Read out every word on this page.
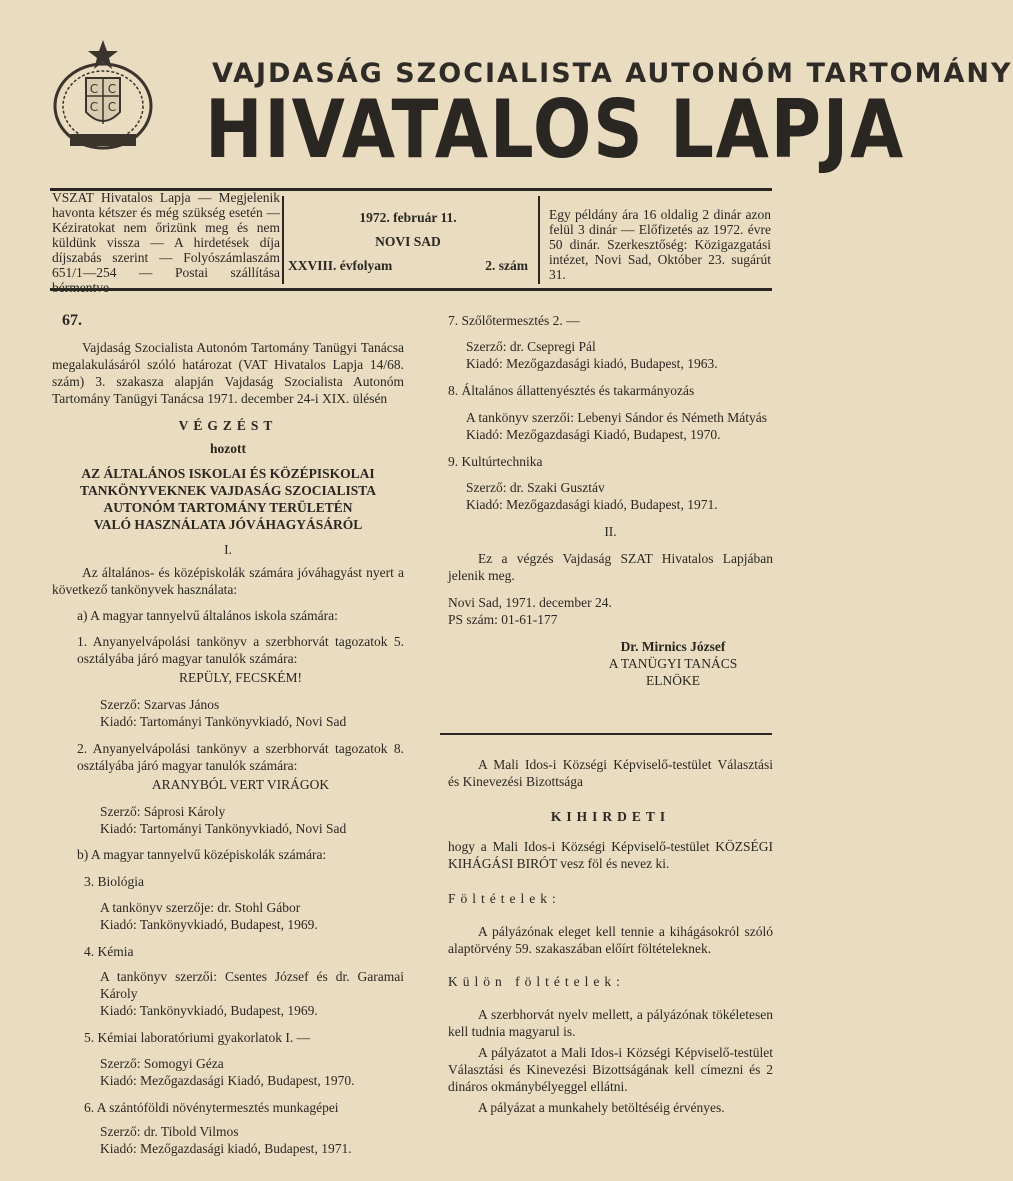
C C
C C
VAJDASÁG SZOCIALISTA AUTONÓM TARTOMÁNY
HIVATALOS LAPJA
VSZAT Hivatalos Lapja — Megjelenik havonta kétszer és még szükség esetén — Kéziratokat nem őrizünk meg és nem küldünk vissza — A hirdetések díja díjszabás szerint — Folyószámlaszám 651/1—254 — Postai szállítása bérmentve
1972. február 11.
NOVI SAD
XXVIII. évfolyam	2. szám
Egy példány ára 16 oldalig 2 dinár azon felül 3 dinár — Előfizetés az 1972. évre 50 dinár. Szerkesztőség: Közigazgatási intézet, Novi Sad, Október 23. sugárút 31.

67.

Vajdaság Szocialista Autonóm Tartomány Tanügyi Tanácsa megalakulásáról szóló határozat (VAT Hivatalos Lapja 14/68. szám) 3. szakasza alapján Vajdaság Szocialista Autonóm Tartomány Tanügyi Tanácsa 1971. december 24-i XIX. ülésén

VÉGZÉST

hozott

AZ ÁLTALÁNOS ISKOLAI ÉS KÖZÉPISKOLAI

TANKÖNYVEKNEK VAJDASÁG SZOCIALISTA

AUTONÓM TARTOMÁNY TERÜLETÉN

VALÓ HASZNÁLATA JÓVÁHAGYÁSÁRÓL

I.

Az általános- és középiskolák számára jóváhagyást nyert a következő tankönyvek használata:

a) A magyar tannyelvű általános iskola számára:

1. Anyanyelvápolási tankönyv a szerbhorvát tagozatok 5. osztályába járó magyar tanulók számára:

REPÜLY, FECSKÉM!

Szerző: Szarvas János

Kiadó: Tartományi Tankönyvkiadó, Novi Sad

2. Anyanyelvápolási tankönyv a szerbhorvát tagozatok 8. osztályába járó magyar tanulók számára:

ARANYBÓL VERT VIRÁGOK

Szerző: Sáprosi Károly

Kiadó: Tartományi Tankönyvkiadó, Novi Sad

b) A magyar tannyelvű középiskolák számára:

3. Biológia

A tankönyv szerzője: dr. Stohl Gábor

Kiadó: Tankönyvkiadó, Budapest, 1969.

4. Kémia

A tankönyv szerzői: Csentes József és dr. Garamai Károly

Kiadó: Tankönyvkiadó, Budapest, 1969.

5. Kémiai laboratóriumi gyakorlatok I. —

Szerző: Somogyi Géza

Kiadó: Mezőgazdasági Kiadó, Budapest, 1970.

6. A szántóföldi növénytermesztés munkagépei

Szerző: dr. Tibold Vilmos

Kiadó: Mezőgazdasági kiadó, Budapest, 1971.

7. Szőlőtermesztés 2. —

Szerző: dr. Csepregi Pál

Kiadó: Mezőgazdasági kiadó, Budapest, 1963.

8. Általános állattenyésztés és takarmányozás

A tankönyv szerzői: Lebenyi Sándor és Németh Mátyás

Kiadó: Mezőgazdasági Kiadó, Budapest, 1970.

9. Kultúrtechnika

Szerző: dr. Szaki Gusztáv

Kiadó: Mezőgazdasági kiadó, Budapest, 1971.

II.

Ez a végzés Vajdaság SZAT Hivatalos Lapjában jelenik meg.

Novi Sad, 1971. december 24.

PS szám: 01-61-177

Dr. Mirnics József

A TANÜGYI TANÁCS

ELNÖKE

A Mali Idos-i Községi Képviselő-testület Választási és Kinevezési Bizottsága

KIHIRDETI

hogy a Mali Idos-i Községi Képviselő-testület KÖZSÉGI KIHÁGÁSI BIRÓT vesz föl és nevez ki.

Föltételek:

A pályázónak eleget kell tennie a kihágásokról szóló alaptörvény 59. szakaszában előírt föltételeknek.

Külön föltételek:

A szerbhorvát nyelv mellett, a pályázónak tökéletesen kell tudnia magyarul is.

A pályázatot a Mali Idos-i Községi Képviselő-testület Választási és Kinevezési Bizottságának kell címezni és 2 dináros okmánybélyeggel ellátni.

A pályázat a munkahely betöltéséig érvényes.
